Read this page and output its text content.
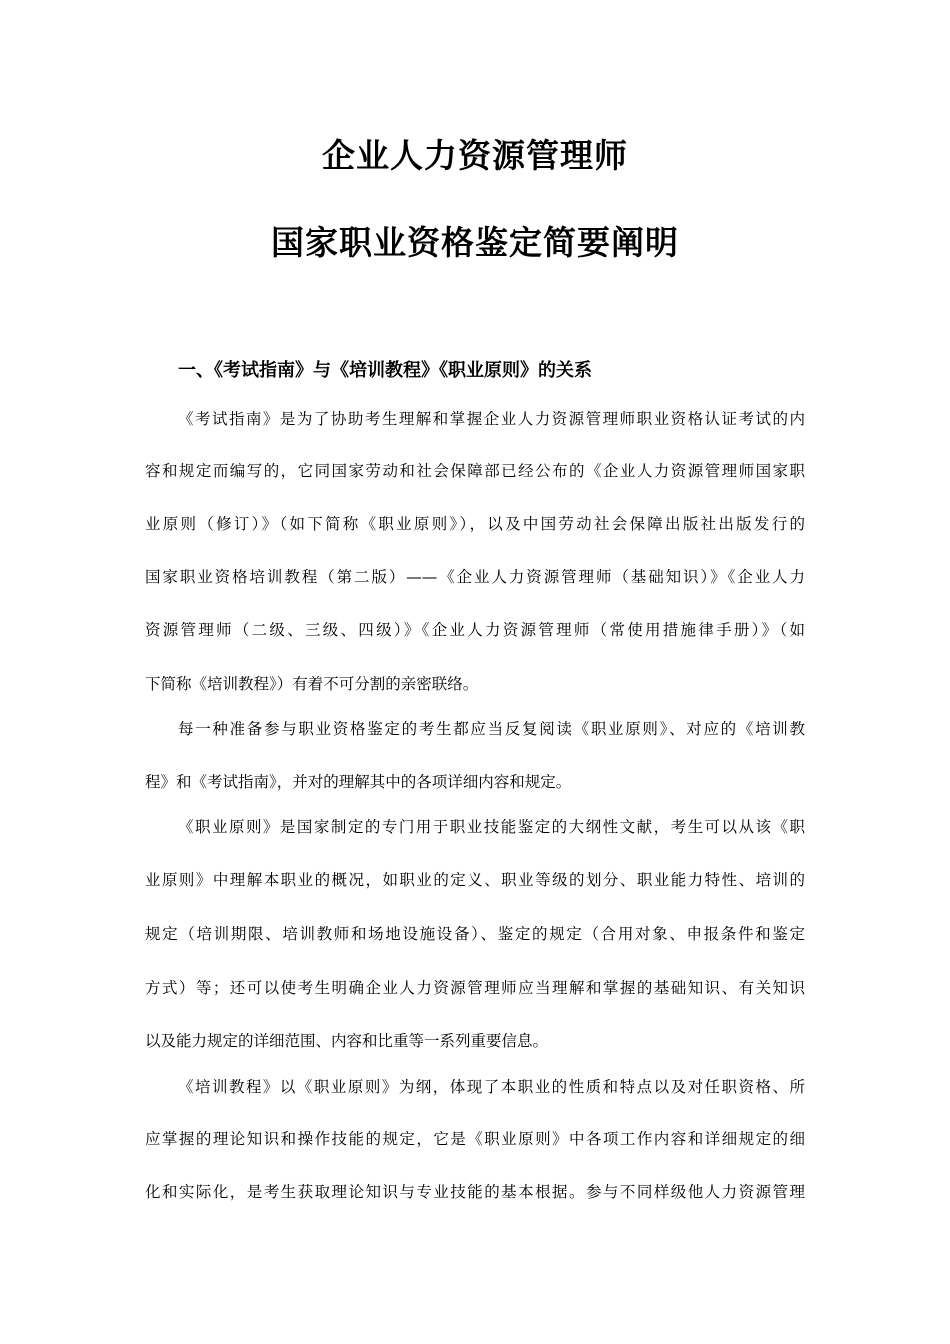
企业人力资源管理师
国家职业资格鉴定简要阐明
一、《考试指南》与《培训教程》《职业原则》的关系
《考试指南》是为了协助考生理解和掌握企业人力资源管理师职业资格认证考试的内
容和规定而编写的，它同国家劳动和社会保障部已经公布的《企业人力资源管理师国家职
业原则（修订）》（如下简称《职业原则》），以及中国劳动社会保障出版社出版发行的
国家职业资格培训教程（第二版）——《企业人力资源管理师（基础知识）》《企业人力
资源管理师（二级、三级、四级）》《企业人力资源管理师（常使用措施律手册）》（如
下简称《培训教程》）有着不可分割的亲密联络。
每一种准备参与职业资格鉴定的考生都应当反复阅读《职业原则》、对应的《培训教
程》和《考试指南》，并对的理解其中的各项详细内容和规定。
《职业原则》是国家制定的专门用于职业技能鉴定的大纲性文献，考生可以从该《职
业原则》中理解本职业的概况，如职业的定义、职业等级的划分、职业能力特性、培训的
规定（培训期限、培训教师和场地设施设备）、鉴定的规定（合用对象、申报条件和鉴定
方式）等；还可以使考生明确企业人力资源管理师应当理解和掌握的基础知识、有关知识
以及能力规定的详细范围、内容和比重等一系列重要信息。
《培训教程》以《职业原则》为纲，体现了本职业的性质和特点以及对任职资格、所
应掌握的理论知识和操作技能的规定，它是《职业原则》中各项工作内容和详细规定的细
化和实际化，是考生获取理论知识与专业技能的基本根据。参与不同样级他人力资源管理
